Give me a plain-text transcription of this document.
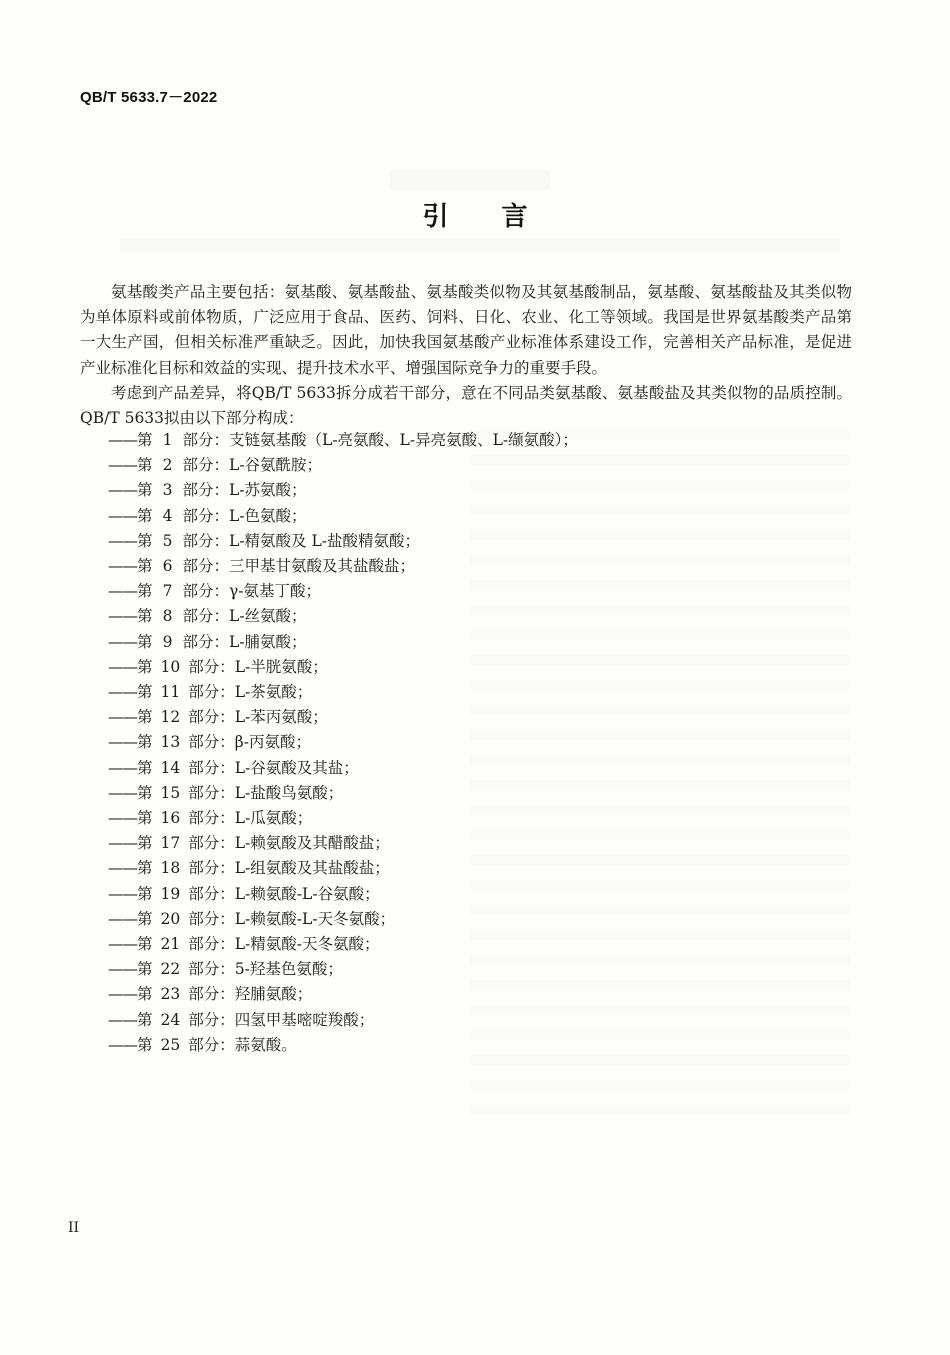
QB/T 5633.7－2022
引 言

氨基酸类产品主要包括：氨基酸、氨基酸盐、氨基酸类似物及其氨基酸制品，氨基酸、氨基酸盐及其类似物为单体原料或前体物质，广泛应用于食品、医药、饲料、日化、农业、化工等领域。我国是世界氨基酸类产品第一大生产国，但相关标准严重缺乏。因此，加快我国氨基酸产业标准体系建设工作，完善相关产品标准，是促进产业标准化目标和效益的实现、提升技术水平、增强国际竞争力的重要手段。

考虑到产品差异，将QB/T 5633拆分成若干部分，意在不同品类氨基酸、氨基酸盐及其类似物的品质控制。QB/T 5633拟由以下部分构成：

——第 1 部分：支链氨基酸（L-亮氨酸、L-异亮氨酸、L-缬氨酸）；
——第 2 部分：L-谷氨酰胺；
——第 3 部分：L-苏氨酸；
——第 4 部分：L-色氨酸；
——第 5 部分：L-精氨酸及 L-盐酸精氨酸；
——第 6 部分：三甲基甘氨酸及其盐酸盐；
——第 7 部分：γ-氨基丁酸；
——第 8 部分：L-丝氨酸；
——第 9 部分：L-脯氨酸；
——第 10 部分：L-半胱氨酸；
——第 11 部分：L-茶氨酸；
——第 12 部分：L-苯丙氨酸；
——第 13 部分：β-丙氨酸；
——第 14 部分：L-谷氨酸及其盐；
——第 15 部分：L-盐酸鸟氨酸；
——第 16 部分：L-瓜氨酸；
——第 17 部分：L-赖氨酸及其醋酸盐；
——第 18 部分：L-组氨酸及其盐酸盐；
——第 19 部分：L-赖氨酸-L-谷氨酸；
——第 20 部分：L-赖氨酸-L-天冬氨酸；
——第 21 部分：L-精氨酸-天冬氨酸；
——第 22 部分：5-羟基色氨酸；
——第 23 部分：羟脯氨酸；
——第 24 部分：四氢甲基嘧啶羧酸；
——第 25 部分：蒜氨酸。
II
